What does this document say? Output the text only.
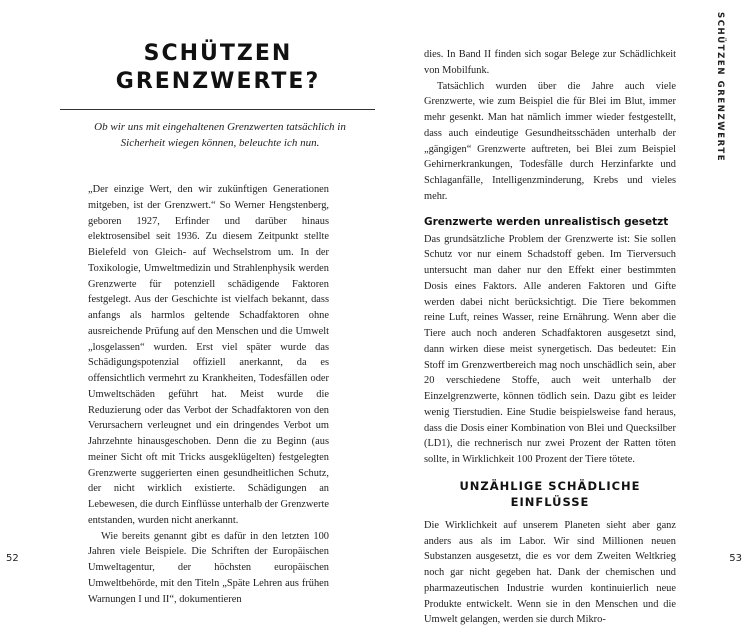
SCHÜTZEN GRENZWERTE?

Ob wir uns mit eingehaltenen Grenzwerten tatsächlich in Sicherheit wiegen können, beleuchte ich nun.

„Der einzige Wert, den wir zukünftigen Generationen mitgeben, ist der Grenzwert.“ So Werner Hengstenberg, geboren 1927, Erfinder und darüber hinaus elektrosensibel seit 1936. Zu diesem Zeitpunkt stellte Bielefeld von Gleich- auf Wechselstrom um. In der Toxikologie, Umweltmedizin und Strahlenphysik werden Grenzwerte für potenziell schädigende Faktoren festgelegt. Aus der Geschichte ist vielfach bekannt, dass anfangs als harmlos geltende Schadfaktoren ohne ausreichende Prüfung auf den Menschen und die Umwelt „losgelassen“ wurden. Erst viel später wurde das Schädigungspotenzial offiziell anerkannt, da es offensichtlich vermehrt zu Krankheiten, Todesfällen oder Umweltschäden geführt hat. Meist wurde die Reduzierung oder das Verbot der Schadfaktoren von den Verursachern verleugnet und ein dringendes Verbot um Jahrzehnte hinausgeschoben. Denn die zu Beginn (aus meiner Sicht oft mit Tricks ausgeklügelten) festgelegten Grenzwerte suggerierten einen gesundheitlichen Schutz, der nicht wirklich existierte. Schädigungen an Lebewesen, die durch Einflüsse unterhalb der Grenzwerte entstanden, wurden nicht anerkannt.

Wie bereits genannt gibt es dafür in den letzten 100 Jahren viele Beispiele. Die Schriften der Europäischen Umweltagentur, der höchsten europäischen Umweltbehörde, mit den Titeln „Späte Lehren aus frühen Warnungen I und II“, dokumentieren

52

dies. In Band II finden sich sogar Belege zur Schädlichkeit von Mobilfunk.

Tatsächlich wurden über die Jahre auch viele Grenzwerte, wie zum Beispiel die für Blei im Blut, immer mehr gesenkt. Man hat nämlich immer wieder festgestellt, dass auch eindeutige Gesundheitsschäden unterhalb der „gängigen“ Grenzwerte auftreten, bei Blei zum Beispiel Gehirnerkrankungen, Todesfälle durch Herzinfarkte und Schlaganfälle, Intelligenzminderung, Krebs und vieles mehr.

Grenzwerte werden unrealistisch gesetzt

Das grundsätzliche Problem der Grenzwerte ist: Sie sollen Schutz vor nur einem Schadstoff geben. Im Tierversuch untersucht man daher nur den Effekt einer bestimmten Dosis eines Faktors. Alle anderen Faktoren und Gifte werden dabei nicht berücksichtigt. Die Tiere bekommen reine Luft, reines Wasser, reine Ernährung. Wenn aber die Tiere auch noch anderen Schadfaktoren ausgesetzt sind, dann wirken diese meist synergetisch. Das bedeutet: Ein Stoff im Grenzwertbereich mag noch unschädlich sein, aber 20 verschiedene Stoffe, auch weit unterhalb der Einzelgrenzwerte, können tödlich sein. Dazu gibt es leider wenig Tierstudien. Eine Studie beispielsweise fand heraus, dass die Dosis einer Kombination von Blei und Quecksilber (LD1), die rechnerisch nur zwei Prozent der Ratten töten sollte, in Wirklichkeit 100 Prozent der Tiere tötete.

UNZÄHLIGE SCHÄDLICHE EINFLÜSSE

Die Wirklichkeit auf unserem Planeten sieht aber ganz anders aus als im Labor. Wir sind Millionen neuen Substanzen ausgesetzt, die es vor dem Zweiten Weltkrieg noch gar nicht gegeben hat. Dank der chemischen und pharmazeutischen Industrie wurden kontinuierlich neue Produkte entwickelt. Wenn sie in den Menschen und die Umwelt gelangen, werden sie durch Mikro-

SCHÜTZEN GRENZWERTE
53
